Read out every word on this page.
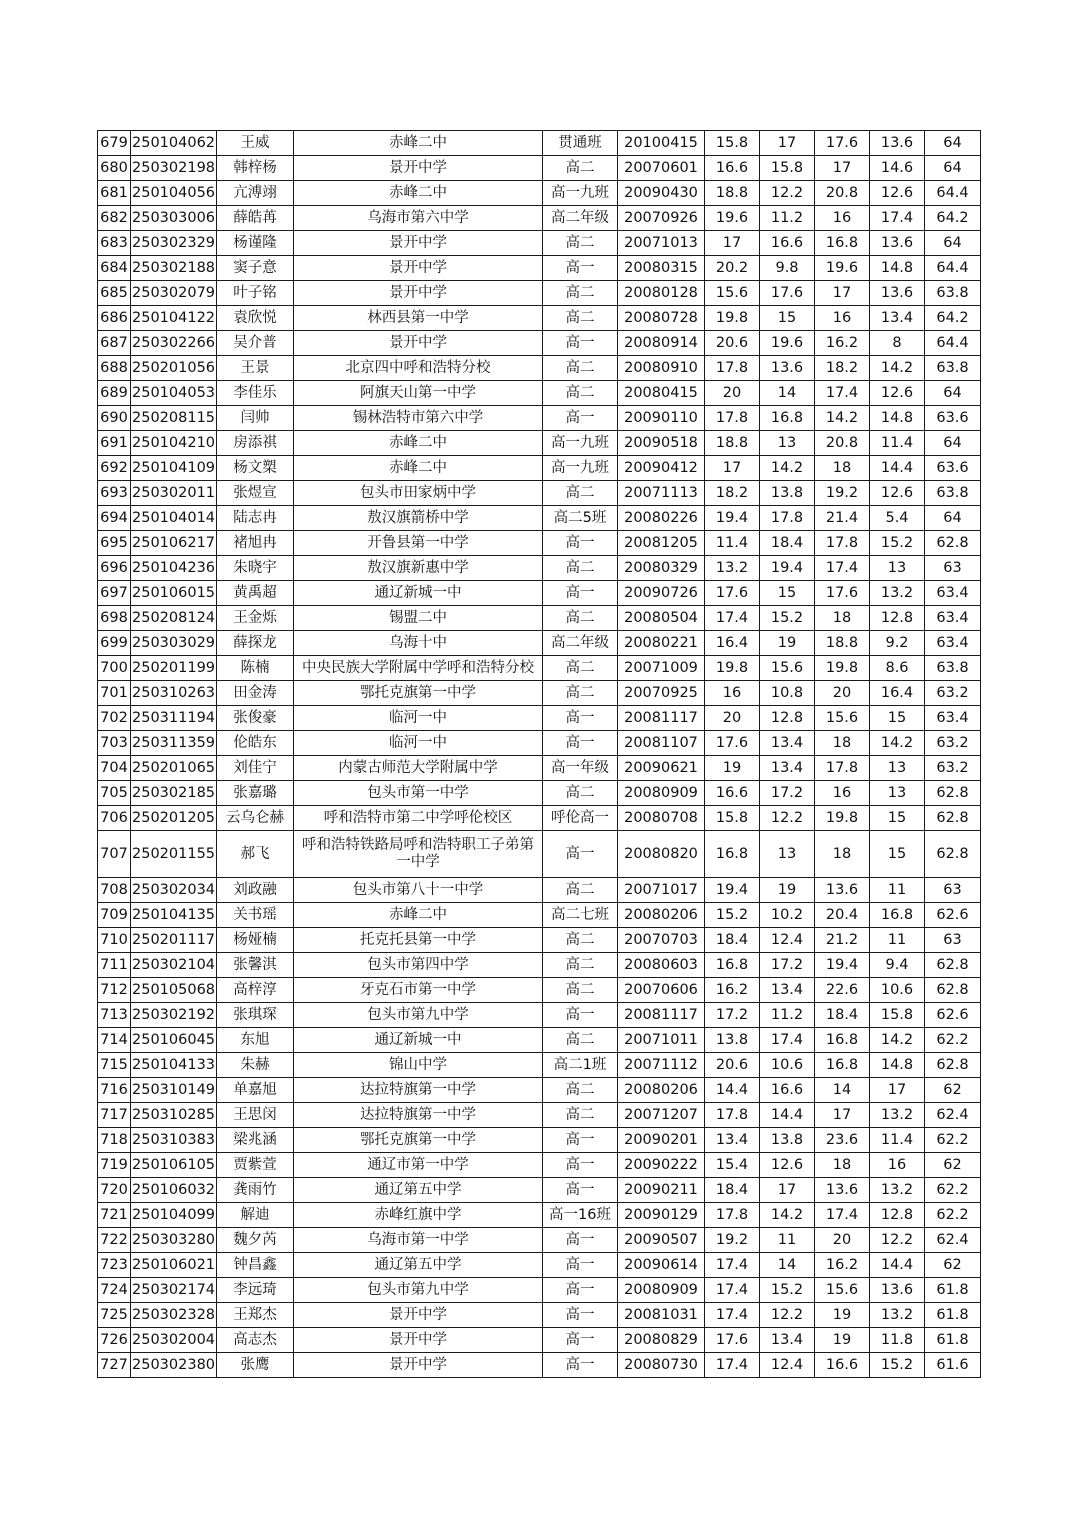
679	250104062	王威	赤峰二中	贯通班	20100415	15.8	17	17.6	13.6	64
680	250302198	韩梓杨	景开中学	高二	20070601	16.6	15.8	17	14.6	64
681	250104056	亢溥翊	赤峰二中	高一九班	20090430	18.8	12.2	20.8	12.6	64.4
682	250303006	薛皓苒	乌海市第六中学	高二年级	20070926	19.6	11.2	16	17.4	64.2
683	250302329	杨谨隆	景开中学	高二	20071013	17	16.6	16.8	13.6	64
684	250302188	窦子意	景开中学	高一	20080315	20.2	9.8	19.6	14.8	64.4
685	250302079	叶子铭	景开中学	高二	20080128	15.6	17.6	17	13.6	63.8
686	250104122	袁欣悦	林西县第一中学	高二	20080728	19.8	15	16	13.4	64.2
687	250302266	吴介普	景开中学	高一	20080914	20.6	19.6	16.2	8	64.4
688	250201056	王景	北京四中呼和浩特分校	高二	20080910	17.8	13.6	18.2	14.2	63.8
689	250104053	李佳乐	阿旗天山第一中学	高二	20080415	20	14	17.4	12.6	64
690	250208115	闫帅	锡林浩特市第六中学	高一	20090110	17.8	16.8	14.2	14.8	63.6
691	250104210	房添祺	赤峰二中	高一九班	20090518	18.8	13	20.8	11.4	64
692	250104109	杨文槊	赤峰二中	高一九班	20090412	17	14.2	18	14.4	63.6
693	250302011	张煜宣	包头市田家炳中学	高二	20071113	18.2	13.8	19.2	12.6	63.8
694	250104014	陆志冉	敖汉旗箭桥中学	高二5班	20080226	19.4	17.8	21.4	5.4	64
695	250106217	褚旭冉	开鲁县第一中学	高一	20081205	11.4	18.4	17.8	15.2	62.8
696	250104236	朱晓宇	敖汉旗新惠中学	高二	20080329	13.2	19.4	17.4	13	63
697	250106015	黄禹超	通辽新城一中	高一	20090726	17.6	15	17.6	13.2	63.4
698	250208124	王金烁	锡盟二中	高二	20080504	17.4	15.2	18	12.8	63.4
699	250303029	薛探龙	乌海十中	高二年级	20080221	16.4	19	18.8	9.2	63.4
700	250201199	陈楠	中央民族大学附属中学呼和浩特分校	高二	20071009	19.8	15.6	19.8	8.6	63.8
701	250310263	田金涛	鄂托克旗第一中学	高二	20070925	16	10.8	20	16.4	63.2
702	250311194	张俊豪	临河一中	高一	20081117	20	12.8	15.6	15	63.4
703	250311359	伦皓东	临河一中	高一	20081107	17.6	13.4	18	14.2	63.2
704	250201065	刘佳宁	内蒙古师范大学附属中学	高一年级	20090621	19	13.4	17.8	13	63.2
705	250302185	张嘉璐	包头市第一中学	高二	20080909	16.6	17.2	16	13	62.8
706	250201205	云乌仑赫	呼和浩特市第二中学呼伦校区	呼伦高一	20080708	15.8	12.2	19.8	15	62.8
707	250201155	郝飞	呼和浩特铁路局呼和浩特职工子弟第一中学	高一	20080820	16.8	13	18	15	62.8
708	250302034	刘政融	包头市第八十一中学	高二	20071017	19.4	19	13.6	11	63
709	250104135	关书瑶	赤峰二中	高二七班	20080206	15.2	10.2	20.4	16.8	62.6
710	250201117	杨娅楠	托克托县第一中学	高二	20070703	18.4	12.4	21.2	11	63
711	250302104	张馨淇	包头市第四中学	高二	20080603	16.8	17.2	19.4	9.4	62.8
712	250105068	高梓淳	牙克石市第一中学	高二	20070606	16.2	13.4	22.6	10.6	62.8
713	250302192	张琪琛	包头市第九中学	高一	20081117	17.2	11.2	18.4	15.8	62.6
714	250106045	东旭	通辽新城一中	高二	20071011	13.8	17.4	16.8	14.2	62.2
715	250104133	朱赫	锦山中学	高二1班	20071112	20.6	10.6	16.8	14.8	62.8
716	250310149	单嘉旭	达拉特旗第一中学	高二	20080206	14.4	16.6	14	17	62
717	250310285	王思闵	达拉特旗第一中学	高二	20071207	17.8	14.4	17	13.2	62.4
718	250310383	梁兆涵	鄂托克旗第一中学	高一	20090201	13.4	13.8	23.6	11.4	62.2
719	250106105	贾紫萱	通辽市第一中学	高一	20090222	15.4	12.6	18	16	62
720	250106032	龚雨竹	通辽第五中学	高一	20090211	18.4	17	13.6	13.2	62.2
721	250104099	解迪	赤峰红旗中学	高一16班	20090129	17.8	14.2	17.4	12.8	62.2
722	250303280	魏夕芮	乌海市第一中学	高一	20090507	19.2	11	20	12.2	62.4
723	250106021	钟昌鑫	通辽第五中学	高一	20090614	17.4	14	16.2	14.4	62
724	250302174	李远琦	包头市第九中学	高一	20080909	17.4	15.2	15.6	13.6	61.8
725	250302328	王郑杰	景开中学	高一	20081031	17.4	12.2	19	13.2	61.8
726	250302004	高志杰	景开中学	高一	20080829	17.6	13.4	19	11.8	61.8
727	250302380	张鹰	景开中学	高一	20080730	17.4	12.4	16.6	15.2	61.6
